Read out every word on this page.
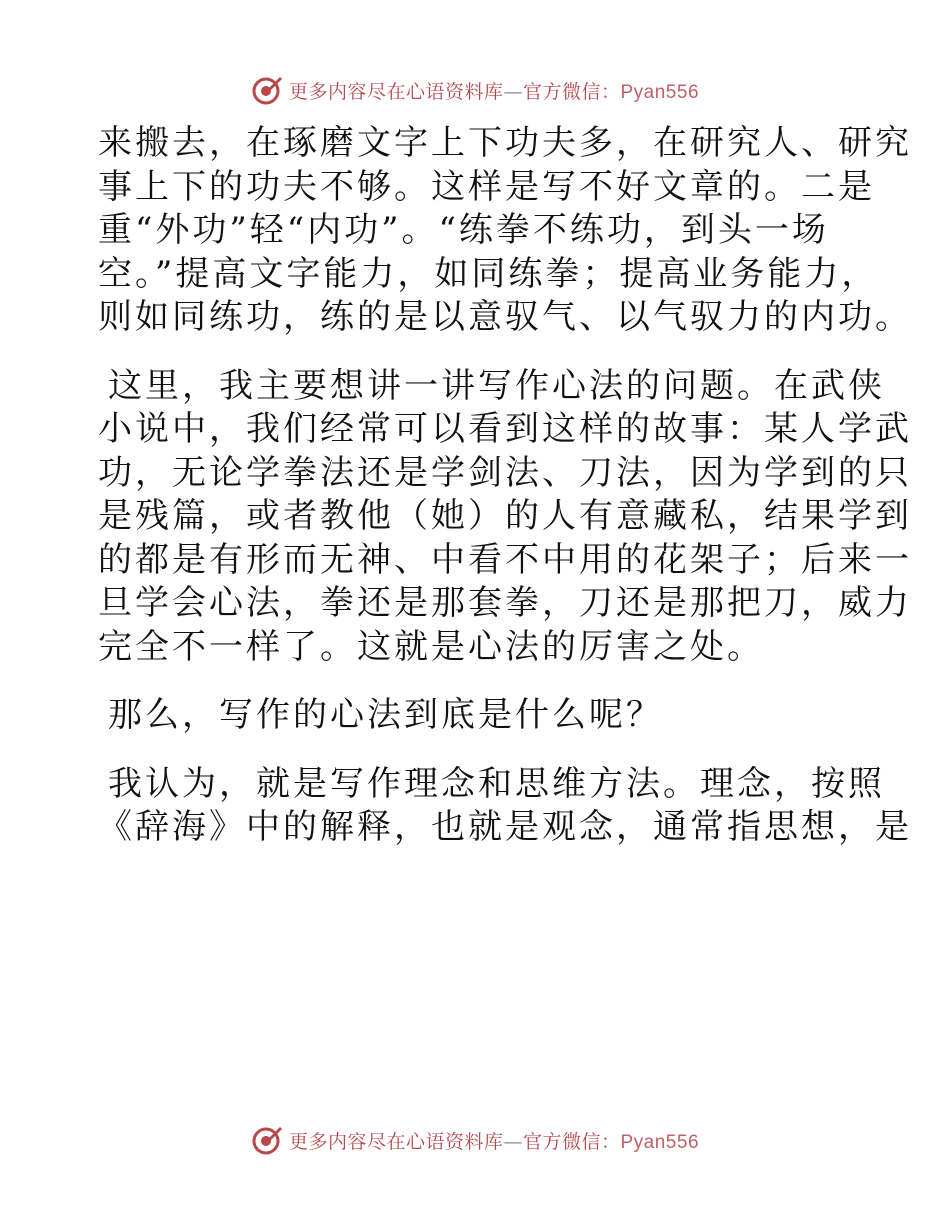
更多内容尽在心语资料库—官方微信：Pyan556
来搬去，在琢磨文字上下功夫多，在研究人、研究
事上下的功夫不够。这样是写不好文章的。二是
重“外功”轻“内功”。“练拳不练功，到头一场
空。”提高文字能力，如同练拳；提高业务能力，
则如同练功，练的是以意驭气、以气驭力的内功。
这里，我主要想讲一讲写作心法的问题。在武侠
小说中，我们经常可以看到这样的故事：某人学武
功，无论学拳法还是学剑法、刀法，因为学到的只
是残篇，或者教他（她）的人有意藏私，结果学到
的都是有形而无神、中看不中用的花架子；后来一
旦学会心法，拳还是那套拳，刀还是那把刀，威力
完全不一样了。这就是心法的厉害之处。
那么，写作的心法到底是什么呢？
我认为，就是写作理念和思维方法。理念，按照
《辞海》中的解释，也就是观念，通常指思想，是
更多内容尽在心语资料库—官方微信：Pyan556
